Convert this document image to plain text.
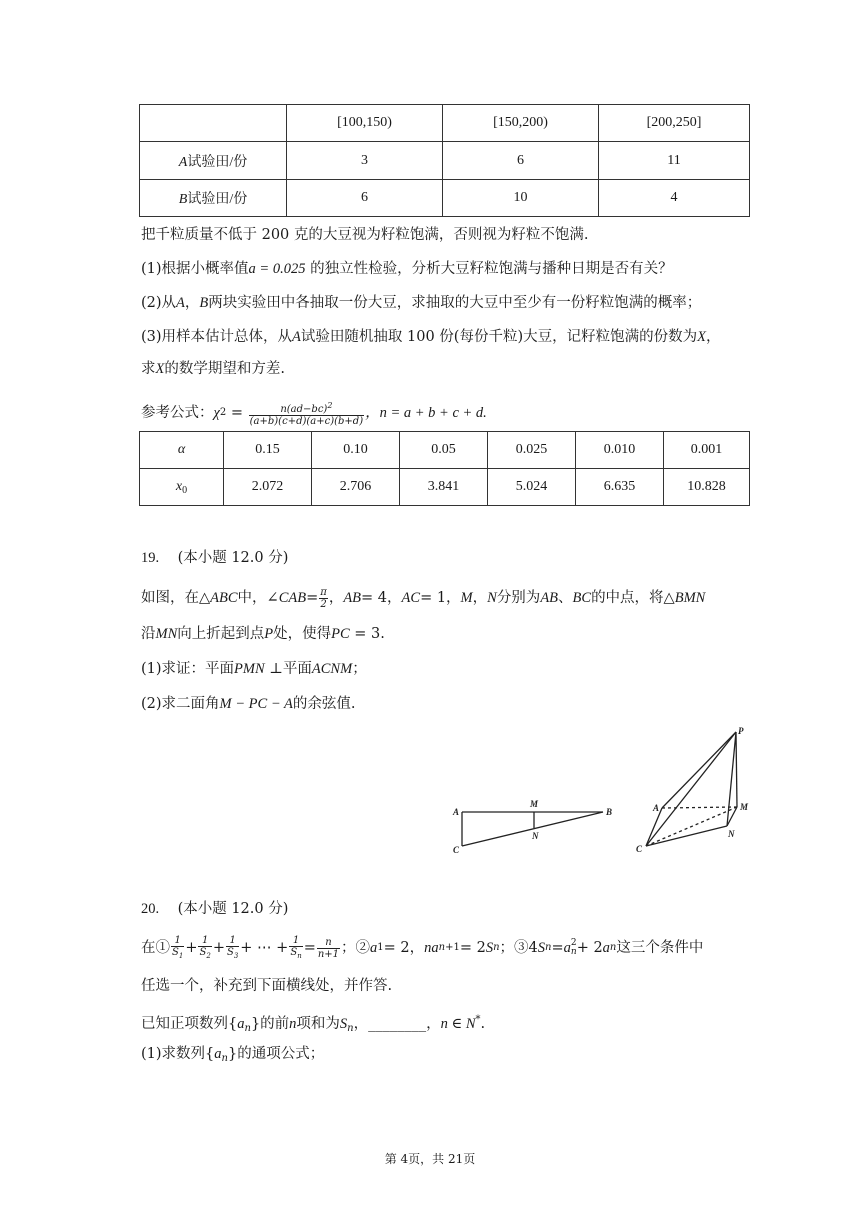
	[100,150)	[150,200)	[200,250]
A试验田/份	3	6	11
B试验田/份	6	10	4
把千粒质量不低于 200 克的大豆视为籽粒饱满，否则视为籽粒不饱满.
(1)根据小概率值a = 0.025 的独立性检验，分析大豆籽粒饱满与播种日期是否有关？
(2)从A，B两块实验田中各抽取一份大豆，求抽取的大豆中至少有一份籽粒饱满的概率；
(3)用样本估计总体，从A试验田随机抽取 100 份(每份千粒)大豆，记籽粒饱满的份数为X，
求X的数学期望和方差.
参考公式： χ $2 = \frac{n(ad-bc)^2}{(a+b)(c+d)(a+c)(b+d)}$ ，n = a + b + c + d.
α	0.15	0.10	0.05	0.025	0.010	0.001
$x_0$	2.072	2.706	3.841	5.024	6.635	10.828
19. (本小题 12.0 分)
如图，在△ ABC 中，∠ CAB = $\frac{\pi}{2}$ ， AB = 4， AC = 1， M ， N 分别为 AB 、 BC 的中点，将△ BMN
沿MN向上折起到点P处，使得PC = 3.
(1)求证：平面PMN ⊥平面ACNM；
(2)求二面角M − PC − A的余弦值.
A	B
C
M
N
P
A	M
N
C
20. (本小题 12.0 分)
在① $\frac{1}{S_1} + \frac{1}{S_2} + \frac{1}{S_3}$ + ⋯ + $\frac{1}{S_n} = \frac{n}{n+1}$ ；② a 1 = 2， na n+1 = 2 S n ；③4 S n = a 2
n + 2 a n 这三个条件中
任选一个，补充到下面横线处，并作答.
已知正项数列$\{a_n\}$的前n项和为$S_n$，________，n ∈ N*.
(1)求数列$\{a_n\}$的通项公式；
第 4页，共 21页
